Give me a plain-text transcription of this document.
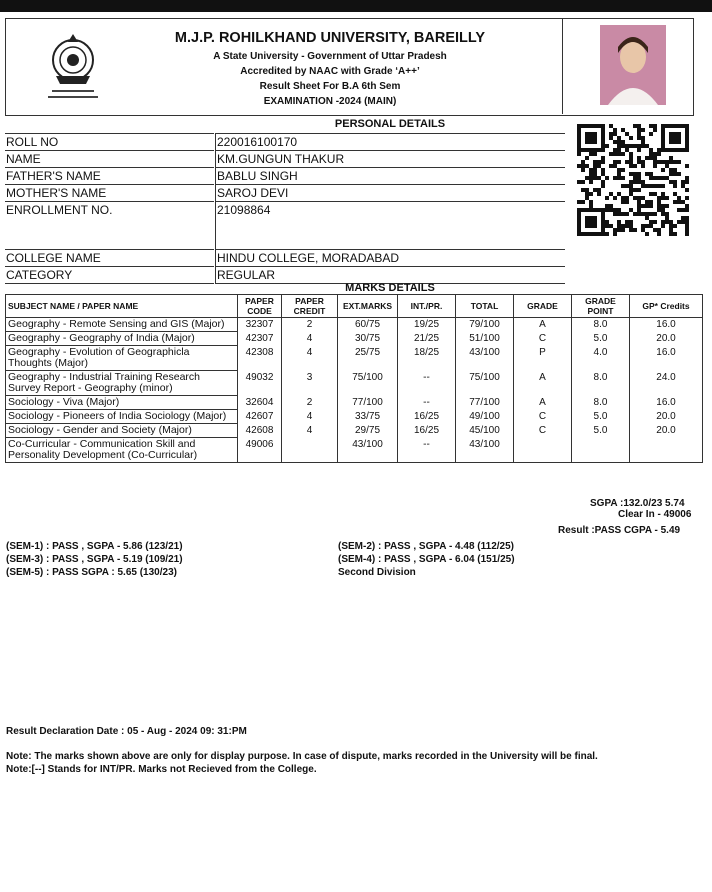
M.J.P. ROHILKHAND UNIVERSITY, BAREILLY
A State University - Government of Uttar Pradesh
Accredited by NAAC with Grade ‘A++’
Result Sheet For B.A 6th Sem
EXAMINATION -2024 (MAIN)
PERSONAL DETAILS
ROLL NO	220016100170
NAME	KM.GUNGUN THAKUR
FATHER'S NAME	BABLU SINGH
MOTHER'S NAME	SAROJ DEVI
ENROLLMENT NO.	21098864
COLLEGE NAME	HINDU COLLEGE, MORADABAD
CATEGORY	REGULAR
MARKS DETAILS
SUBJECT NAME / PAPER NAME	PAPER CODE	PAPER CREDIT	EXT.MARKS	INT./PR.	TOTAL	GRADE	GRADE POINT	GP* Credits
Geography - Remote Sensing and GIS (Major)	32307	2	60/75	19/25	79/100	A	8.0	16.0
Geography - Geography of India (Major)	42307	4	30/75	21/25	51/100	C	5.0	20.0
Geography - Evolution of Geographicla Thoughts (Major)	42308	4	25/75	18/25	43/100	P	4.0	16.0
Geography - Industrial Training Research Survey Report - Geography (minor)	49032	3	75/100	--	75/100	A	8.0	24.0
Sociology - Viva (Major)	32604	2	77/100	--	77/100	A	8.0	16.0
Sociology - Pioneers of India Sociology (Major)	42607	4	33/75	16/25	49/100	C	5.0	20.0
Sociology - Gender and Society (Major)	42608	4	29/75	16/25	45/100	C	5.0	20.0
Co-Curricular - Communication Skill and Personality Development (Co-Curricular)	49006		43/100	--	43/100			
SGPA :132.0/23 5.74
Clear In - 49006
Result :PASS CGPA - 5.49
(SEM-1) : PASS , SGPA - 5.86 (123/21)
(SEM-3) : PASS , SGPA - 5.19 (109/21)
(SEM-5) : PASS SGPA : 5.65 (130/23)
(SEM-2) : PASS , SGPA - 4.48 (112/25)
(SEM-4) : PASS , SGPA - 6.04 (151/25)
Second Division
Result Declaration Date : 05 - Aug - 2024 09: 31:PM
Note: The marks shown above are only for display purpose. In case of dispute, marks recorded in the University will be final.
Note:[--] Stands for INT/PR. Marks not Recieved from the College.
